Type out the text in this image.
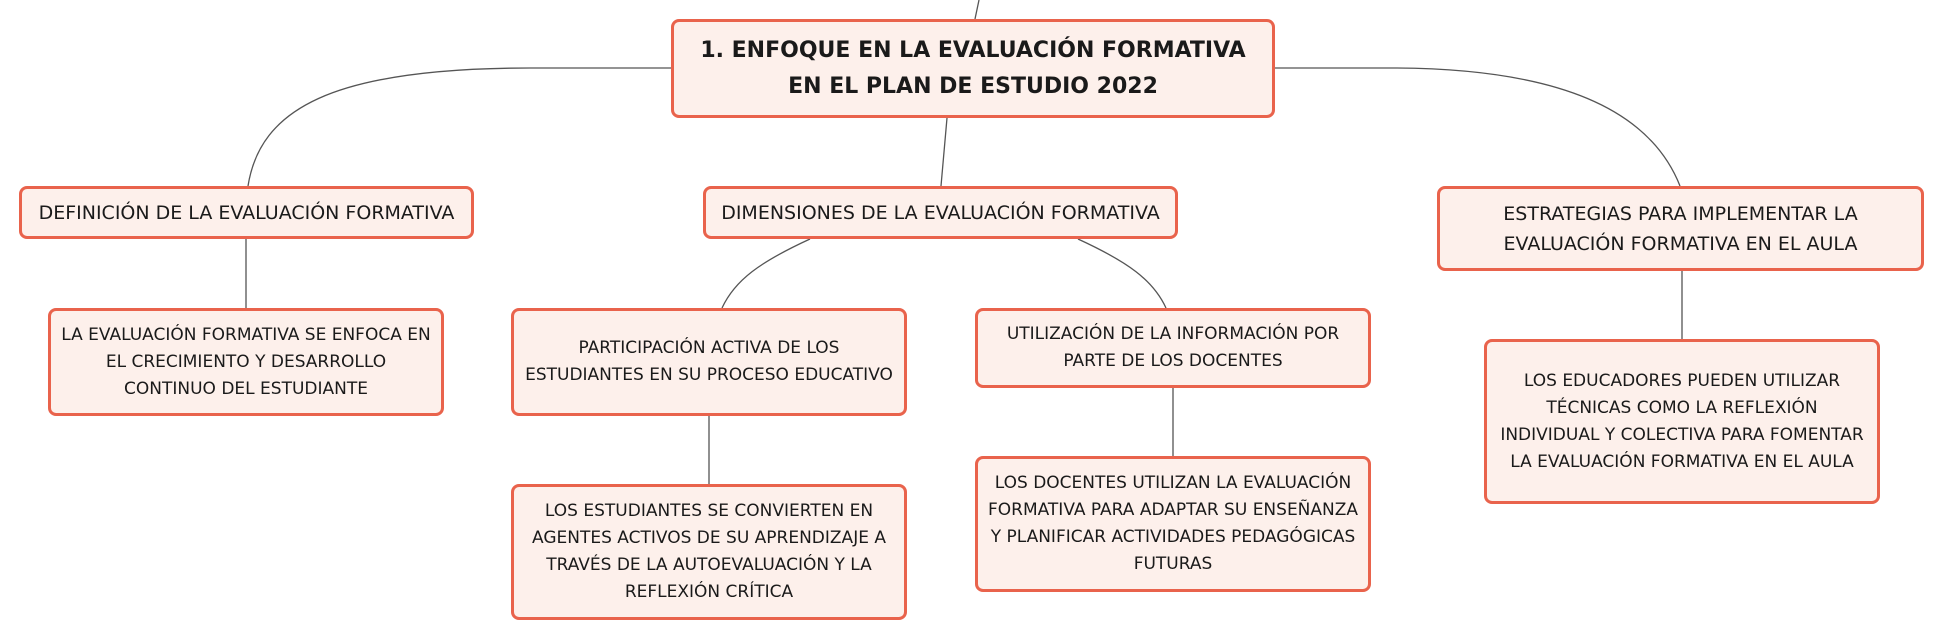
1. ENFOQUE EN LA EVALUACIÓN FORMATIVA EN EL PLAN DE ESTUDIO 2022
DEFINICIÓN DE LA EVALUACIÓN FORMATIVA	DIMENSIONES DE LA EVALUACIÓN FORMATIVA	ESTRATEGIAS PARA IMPLEMENTAR LA EVALUACIÓN FORMATIVA EN EL AULA
LA EVALUACIÓN FORMATIVA SE ENFOCA EN EL CRECIMIENTO Y DESARROLLO CONTINUO DEL ESTUDIANTE
PARTICIPACIÓN ACTIVA DE LOS ESTUDIANTES EN SU PROCESO EDUCATIVO
UTILIZACIÓN DE LA INFORMACIÓN POR PARTE DE LOS DOCENTES
LOS ESTUDIANTES SE CONVIERTEN EN AGENTES ACTIVOS DE SU APRENDIZAJE A TRAVÉS DE LA AUTOEVALUACIÓN Y LA REFLEXIÓN CRÍTICA
LOS DOCENTES UTILIZAN LA EVALUACIÓN FORMATIVA PARA ADAPTAR SU ENSEÑANZA Y PLANIFICAR ACTIVIDADES PEDAGÓGICAS FUTURAS
LOS EDUCADORES PUEDEN UTILIZAR TÉCNICAS COMO LA REFLEXIÓN INDIVIDUAL Y COLECTIVA PARA FOMENTAR LA EVALUACIÓN FORMATIVA EN EL AULA
